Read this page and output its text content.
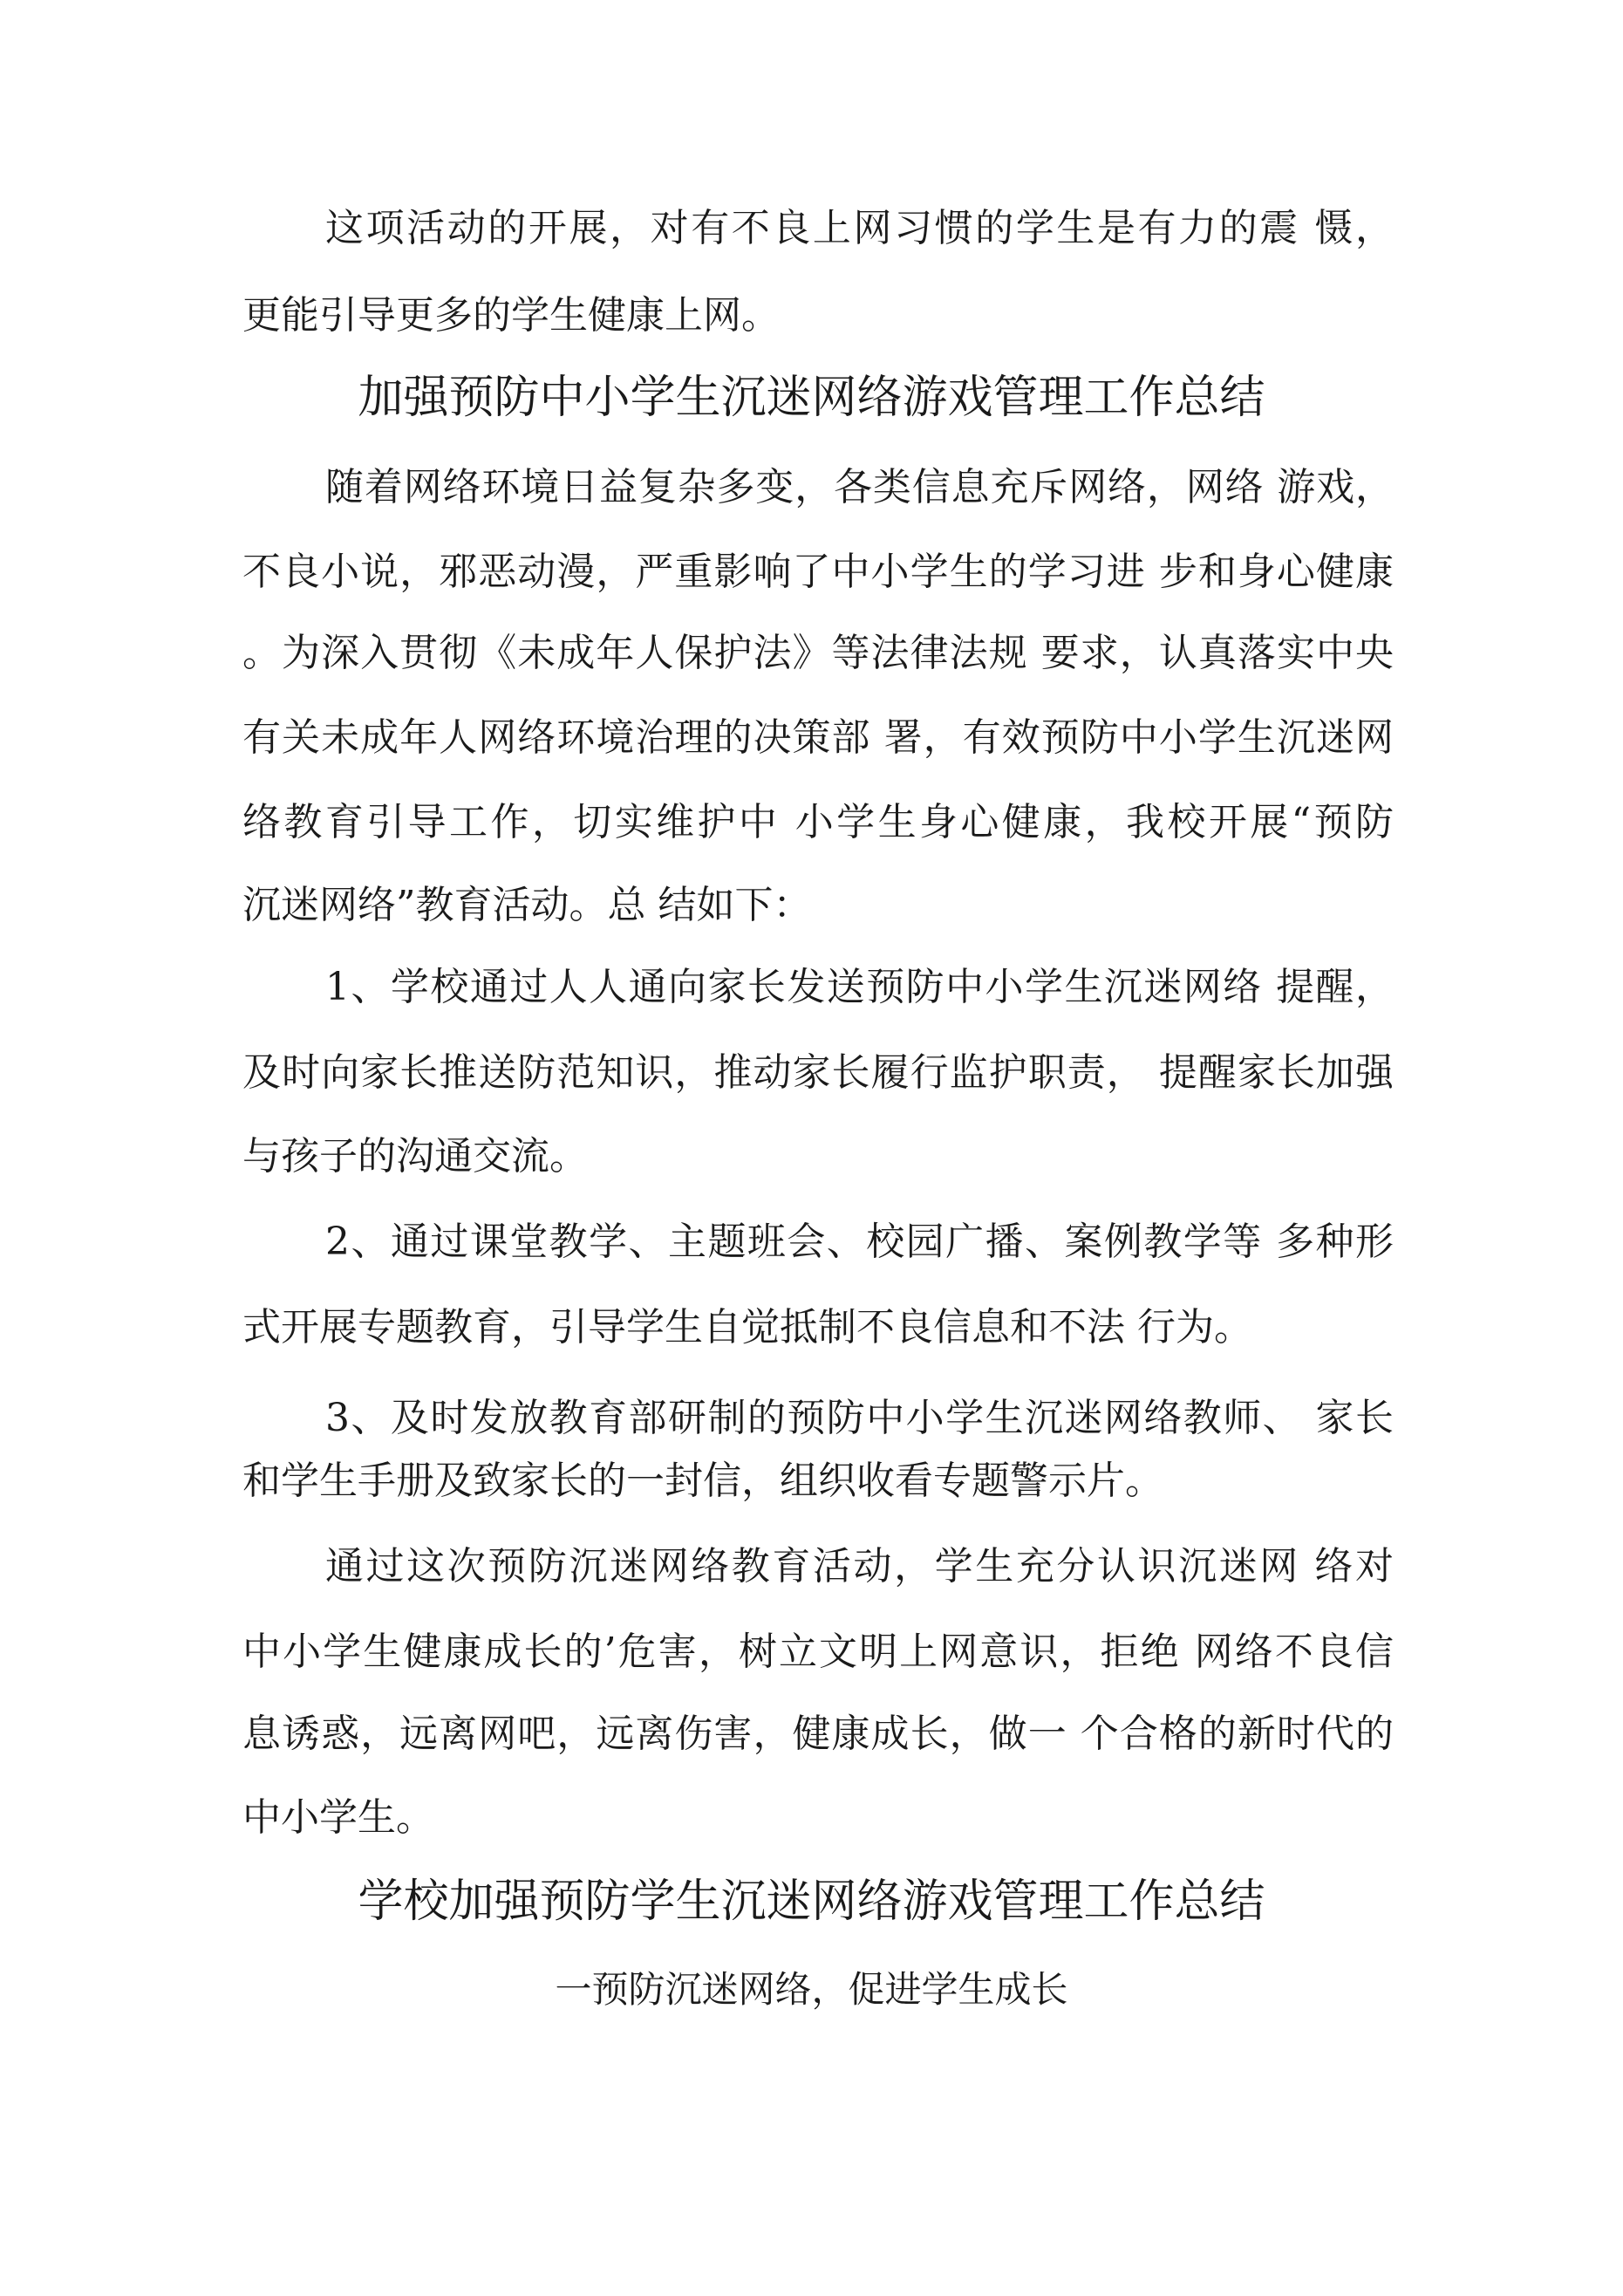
这项活动的开展，对有不良上网习惯的学生是有力的震 慑，
更能引导更多的学生健康上网。
加强预防中小学生沉迷网络游戏管理工作总结
随着网络环境日益复杂多变，各类信息充斥网络，网络 游戏，
不良小说，邪恶动漫，严重影响了中小学生的学习进 步和身心健康
。为深入贯彻《未成年人保护法》等法律法规 要求，认真落实中央
有关未成年人网络环境治理的决策部 署，有效预防中小学生沉迷网
络教育引导工作，切实维护中 小学生身心健康，我校开展“预防
沉迷网络”教育活动。总 结如下：
1、学校通过人人通向家长发送预防中小学生沉迷网络 提醒，
及时向家长推送防范知识，推动家长履行监护职责， 提醒家长加强
与孩子的沟通交流。
2、通过课堂教学、主题班会、校园广播、案例教学等 多种形
式开展专题教育，引导学生自觉抵制不良信息和不法 行为。
3、及时发放教育部研制的预防中小学生沉迷网络教师、 家长
和学生手册及致家长的一封信，组织收看专题警示片。
通过这次预防沉迷网络教育活动，学生充分认识沉迷网 络对
中小学生健康成长的’危害，树立文明上网意识，拒绝 网络不良信
息诱惑，远离网吧，远离伤害，健康成长，做一 个合格的新时代的
中小学生。
学校加强预防学生沉迷网络游戏管理工作总结
一预防沉迷网络，促进学生成长
